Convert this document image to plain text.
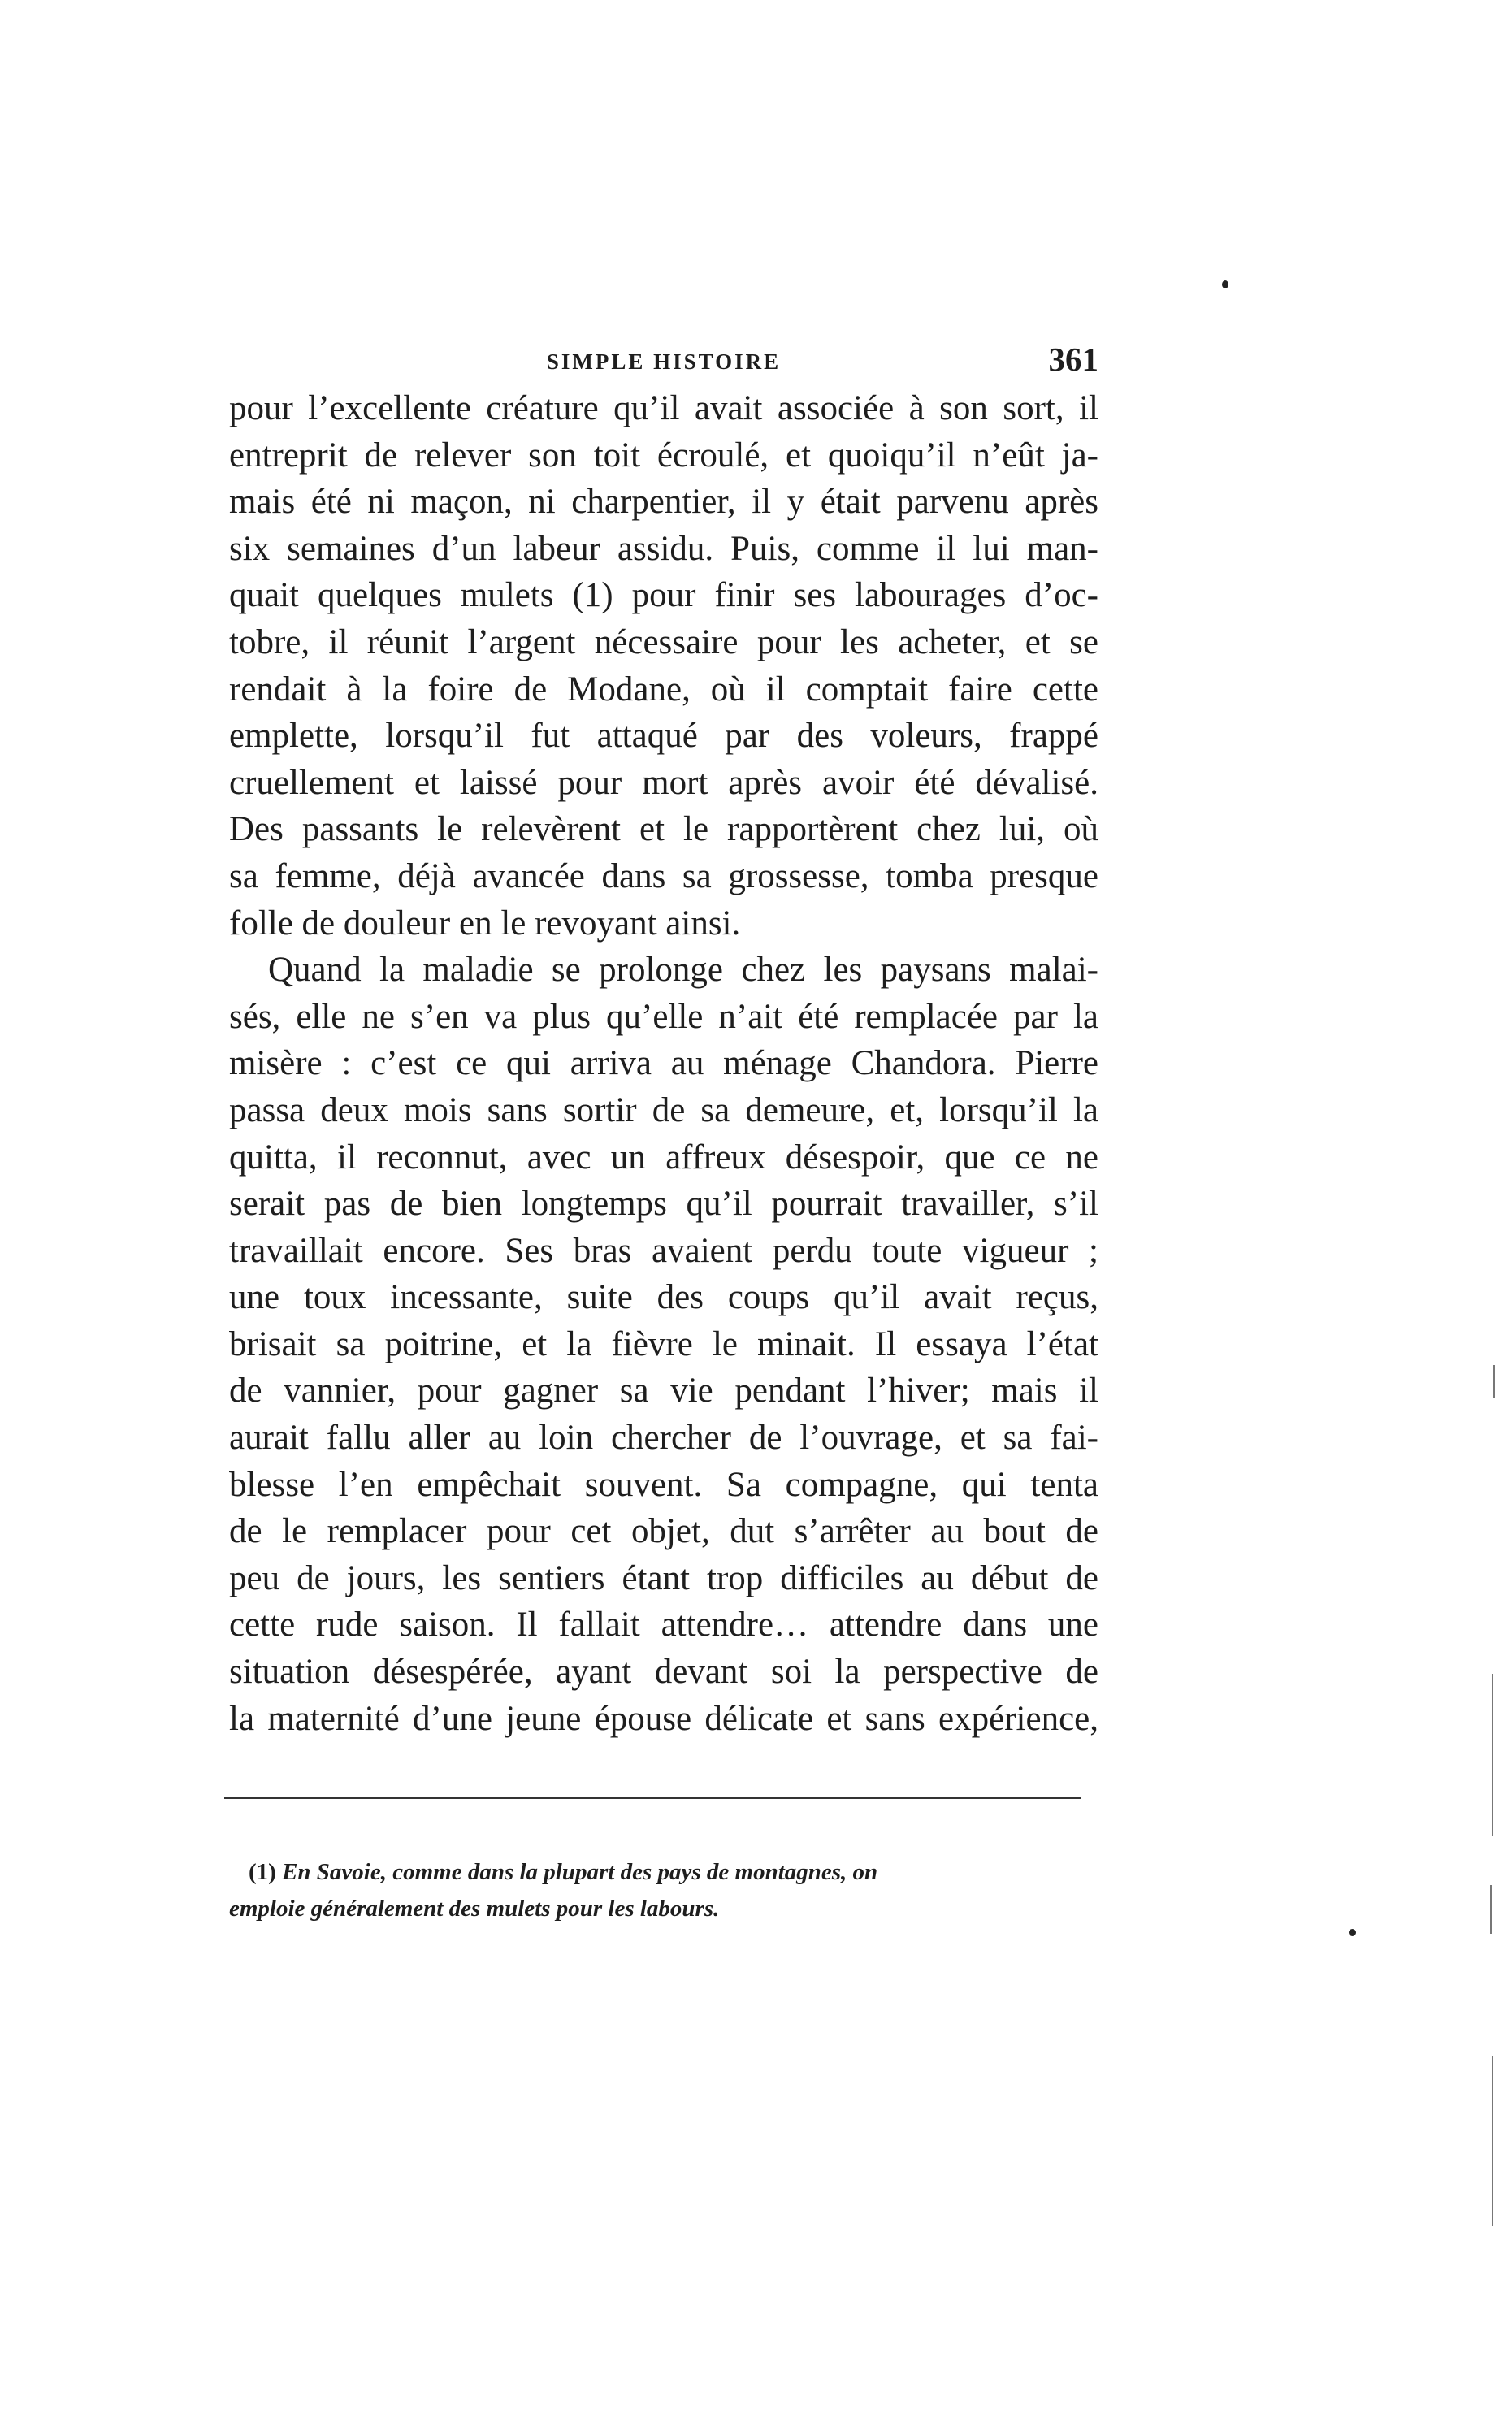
SIMPLE HISTOIRE	361
pour l’excellente créature qu’il avait associée à son sort, il
entreprit de relever son toit écroulé, et quoiqu’il n’eût ja-
mais été ni maçon, ni charpentier, il y était parvenu après
six semaines d’un labeur assidu. Puis, comme il lui man-
quait quelques mulets (1) pour finir ses labourages d’oc-
tobre, il réunit l’argent nécessaire pour les acheter, et se
rendait à la foire de Modane, où il comptait faire cette
emplette, lorsqu’il fut attaqué par des voleurs, frappé
cruellement et laissé pour mort après avoir été dévalisé.
Des passants le relevèrent et le rapportèrent chez lui, où
sa femme, déjà avancée dans sa grossesse, tomba presque
folle de douleur en le revoyant ainsi.
Quand la maladie se prolonge chez les paysans malai-
sés, elle ne s’en va plus qu’elle n’ait été remplacée par la
misère : c’est ce qui arriva au ménage Chandora. Pierre
passa deux mois sans sortir de sa demeure, et, lorsqu’il la
quitta, il reconnut, avec un affreux désespoir, que ce ne
serait pas de bien longtemps qu’il pourrait travailler, s’il
travaillait encore. Ses bras avaient perdu toute vigueur ;
une toux incessante, suite des coups qu’il avait reçus,
brisait sa poitrine, et la fièvre le minait. Il essaya l’état
de vannier, pour gagner sa vie pendant l’hiver; mais il
aurait fallu aller au loin chercher de l’ouvrage, et sa fai-
blesse l’en empêchait souvent. Sa compagne, qui tenta
de le remplacer pour cet objet, dut s’arrêter au bout de
peu de jours, les sentiers étant trop difficiles au début de
cette rude saison. Il fallait attendre… attendre dans une
situation désespérée, ayant devant soi la perspective de
la maternité d’une jeune épouse délicate et sans expérience,
(1) En Savoie, comme dans la plupart des pays de montagnes, on
emploie généralement des mulets pour les labours.
